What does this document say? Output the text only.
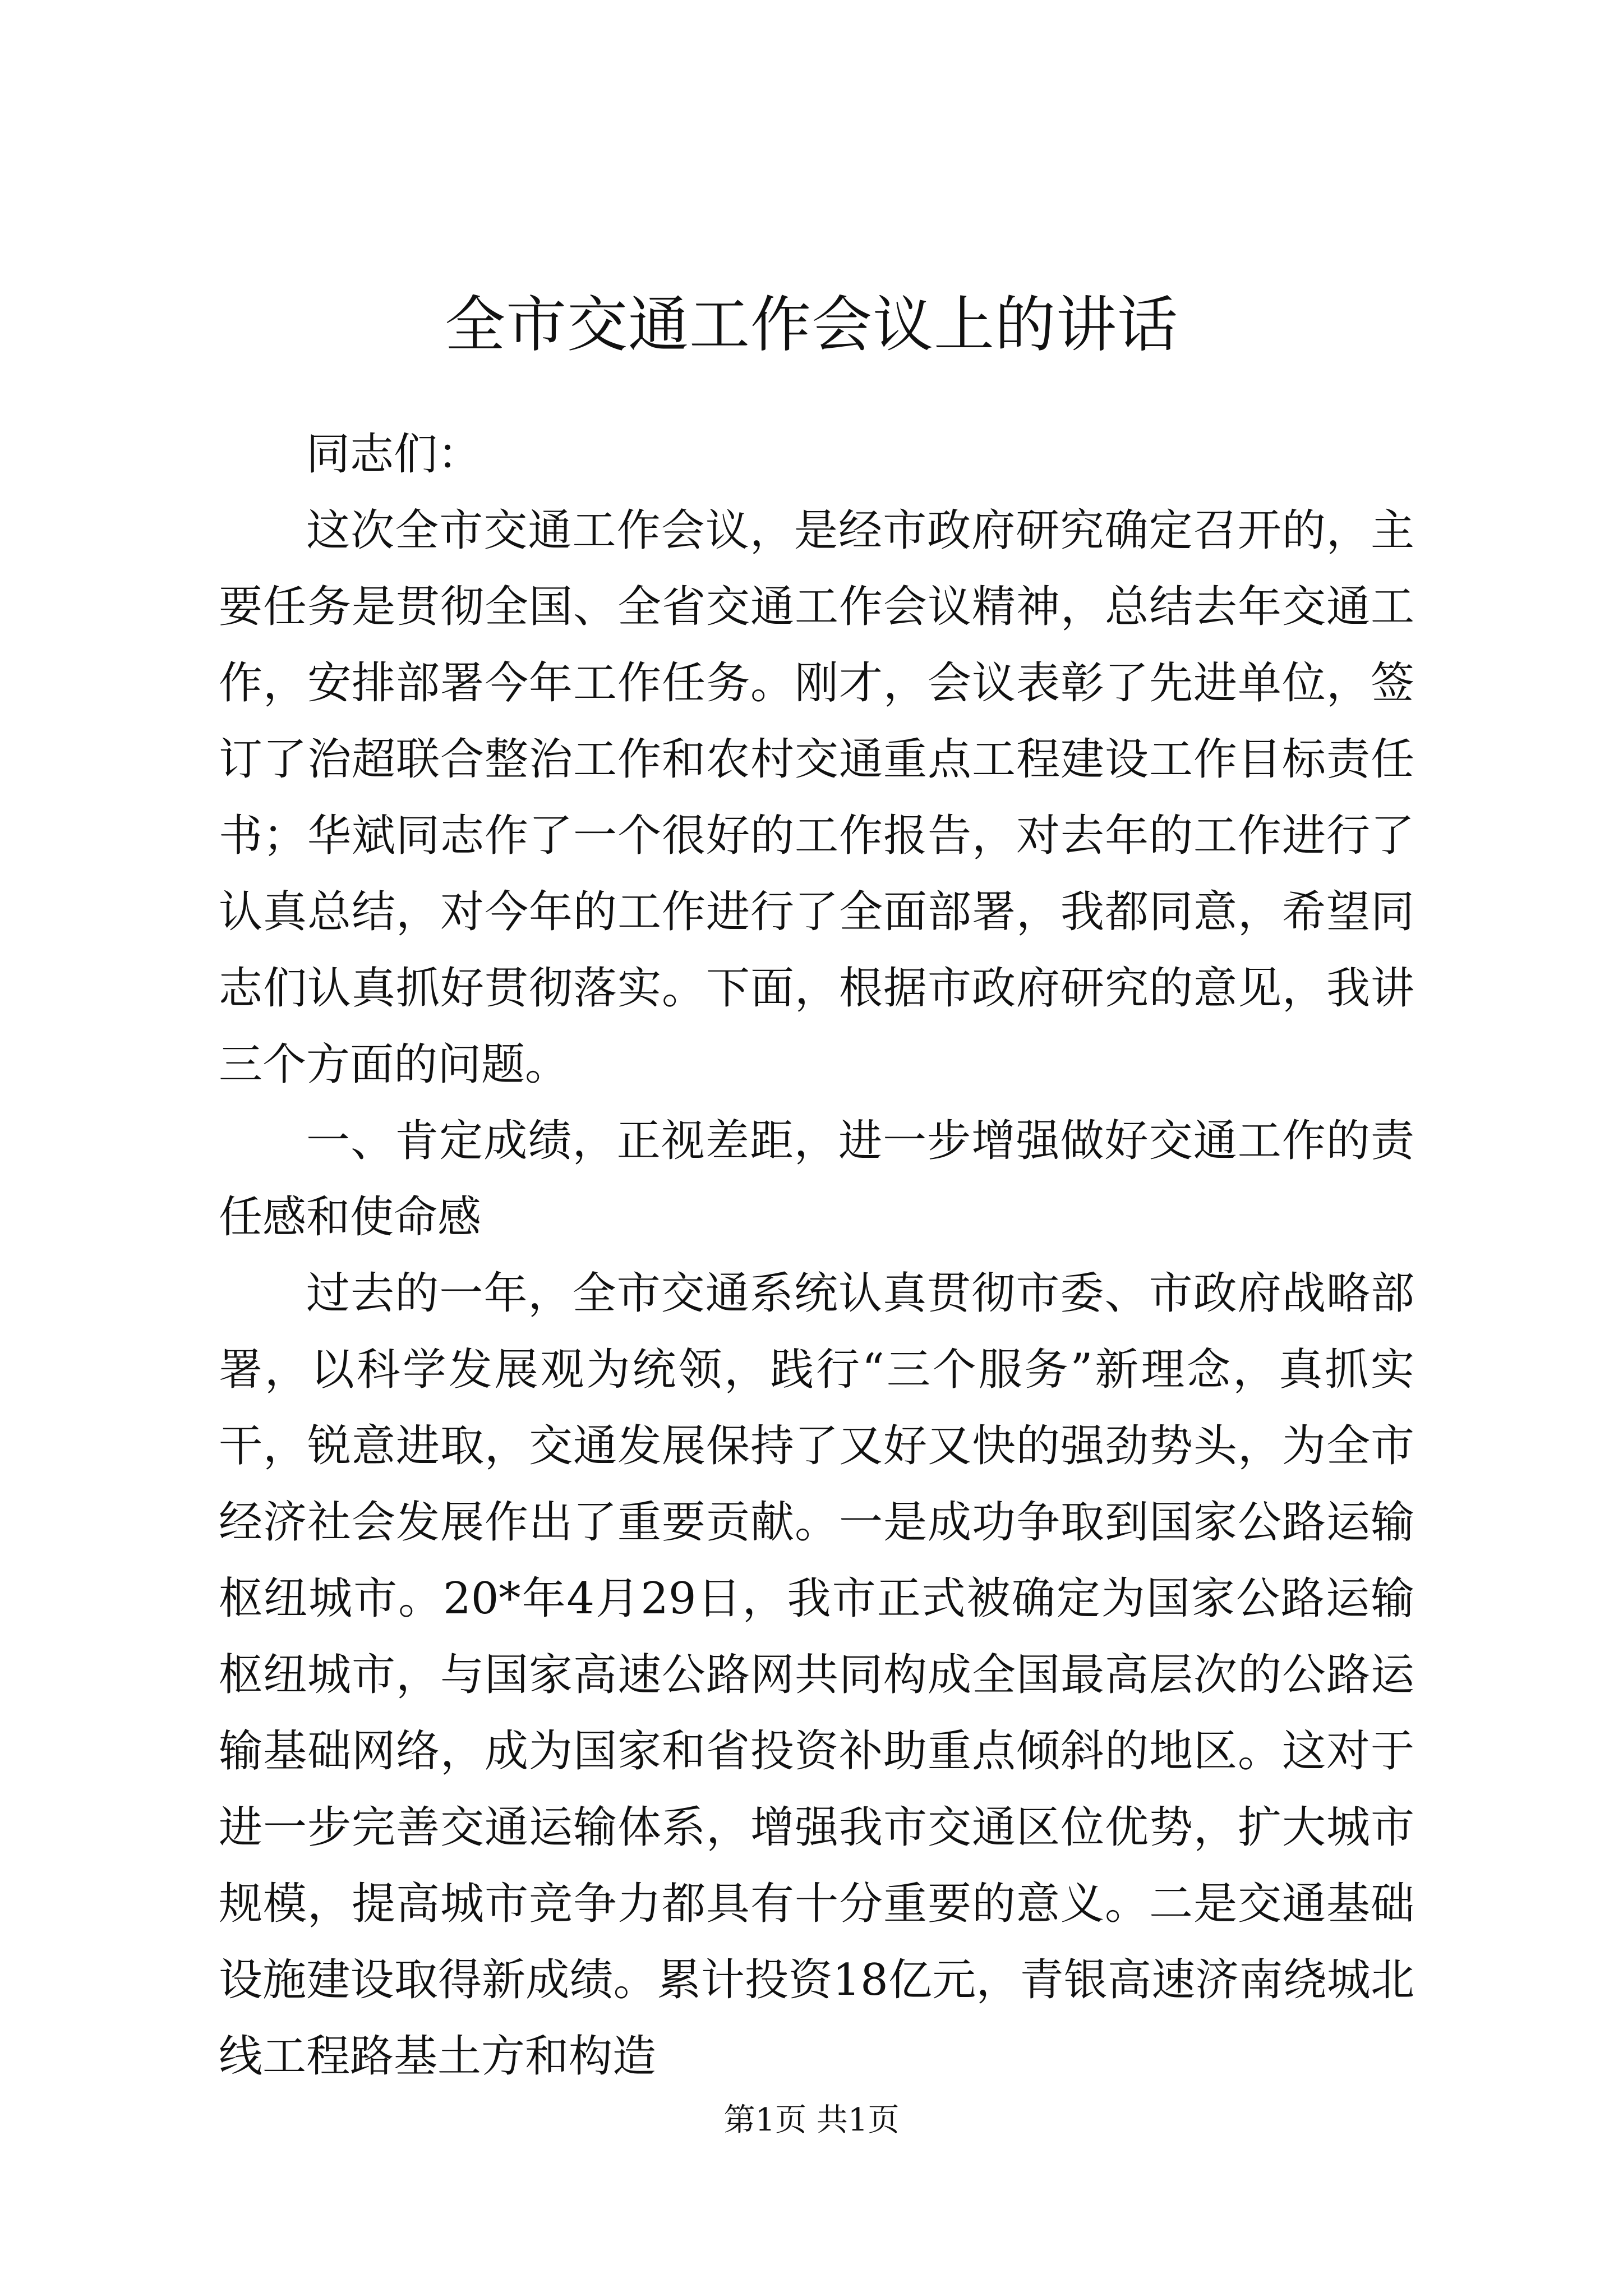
全市交通工作会议上的讲话

同志们：

这次全市交通工作会议，是经市政府研究确定召开的，主要任务是贯彻全国、全省交通工作会议精神，总结去年交通工作，安排部署今年工作任务。刚才，会议表彰了先进单位，签订了治超联合整治工作和农村交通重点工程建设工作目标责任书；华斌同志作了一个很好的工作报告，对去年的工作进行了认真总结，对今年的工作进行了全面部署，我都同意，希望同志们认真抓好贯彻落实。下面，根据市政府研究的意见，我讲三个方面的问题。

一、肯定成绩，正视差距，进一步增强做好交通工作的责任感和使命感

过去的一年，全市交通系统认真贯彻市委、市政府战略部署，以科学发展观为统领，践行“三个服务”新理念，真抓实干，锐意进取，交通发展保持了又好又快的强劲势头，为全市经济社会发展作出了重要贡献。一是成功争取到国家公路运输枢纽城市。20*年4月29日，我市正式被确定为国家公路运输枢纽城市，与国家高速公路网共同构成全国最高层次的公路运输基础网络，成为国家和省投资补助重点倾斜的地区。这对于进一步完善交通运输体系，增强我市交通区位优势，扩大城市规模，提高城市竞争力都具有十分重要的意义。二是交通基础设施建设取得新成绩。累计投资18亿元，青银高速济南绕城北线工程路基土方和构造

第1页 共1页
